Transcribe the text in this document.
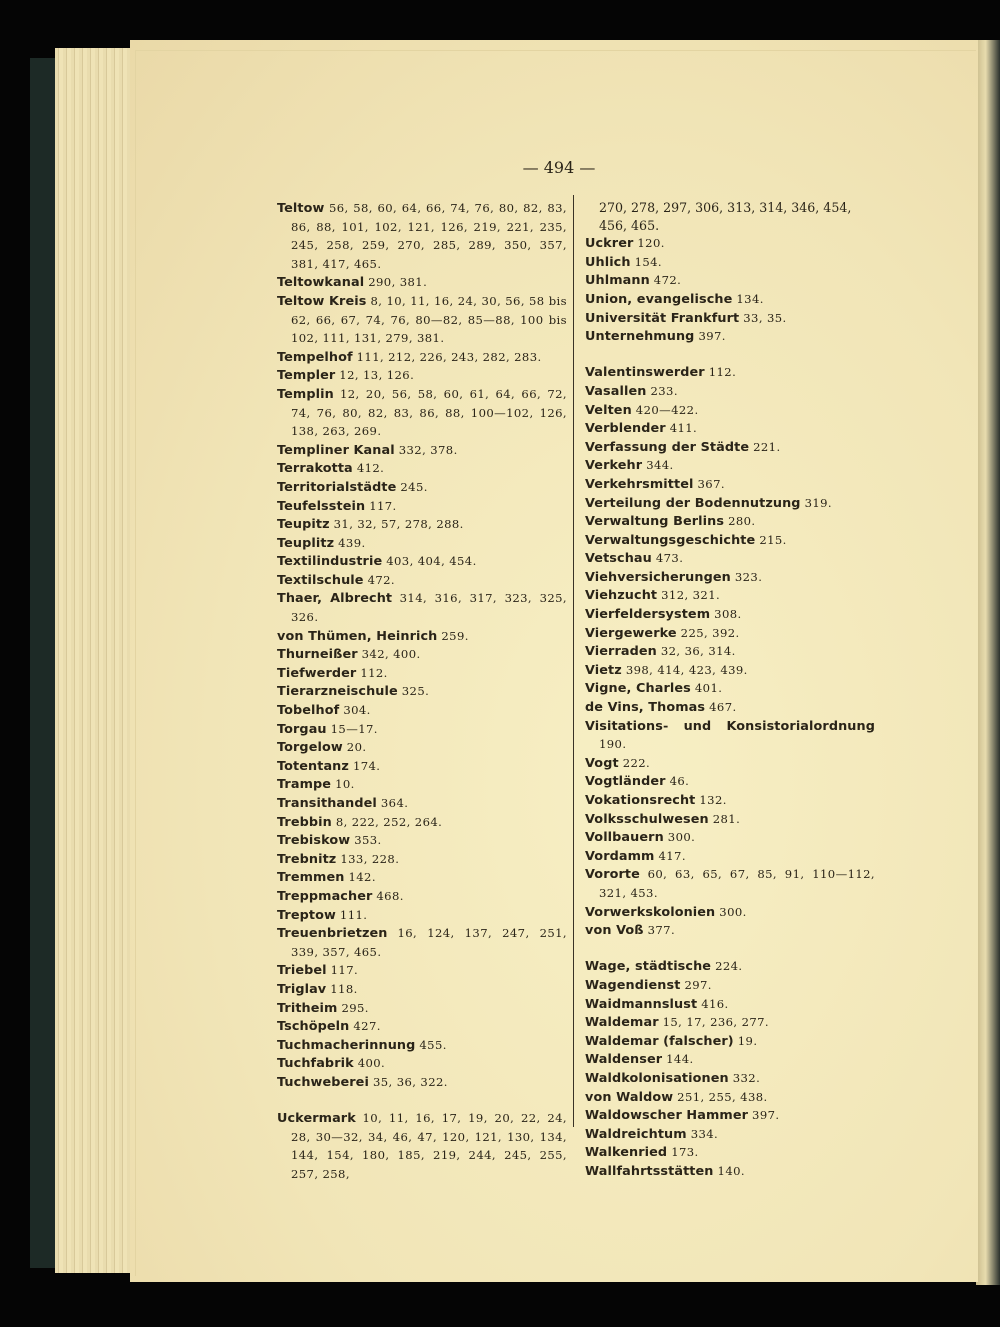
— 494 —
Teltow 56, 58, 60, 64, 66, 74, 76, 80, 82, 83, 86, 88, 101, 102, 121, 126, 219, 221, 235, 245, 258, 259, 270, 285, 289, 350, 357, 381, 417, 465.
Teltowkanal 290, 381.
Teltow Kreis 8, 10, 11, 16, 24, 30, 56, 58 bis 62, 66, 67, 74, 76, 80—82, 85—88, 100 bis 102, 111, 131, 279, 381.
Tempelhof 111, 212, 226, 243, 282, 283.
Templer 12, 13, 126.
Templin 12, 20, 56, 58, 60, 61, 64, 66, 72, 74, 76, 80, 82, 83, 86, 88, 100—102, 126, 138, 263, 269.
Templiner Kanal 332, 378.
Terrakotta 412.
Territorialstädte 245.
Teufelsstein 117.
Teupitz 31, 32, 57, 278, 288.
Teuplitz 439.
Textilindustrie 403, 404, 454.
Textilschule 472.
Thaer, Albrecht 314, 316, 317, 323, 325, 326.
von Thümen, Heinrich 259.
Thurneißer 342, 400.
Tiefwerder 112.
Tierarzneischule 325.
Tobelhof 304.
Torgau 15—17.
Torgelow 20.
Totentanz 174.
Trampe 10.
Transithandel 364.
Trebbin 8, 222, 252, 264.
Trebiskow 353.
Trebnitz 133, 228.
Tremmen 142.
Treppmacher 468.
Treptow 111.
Treuenbrietzen 16, 124, 137, 247, 251, 339, 357, 465.
Triebel 117.
Triglav 118.
Tritheim 295.
Tschöpeln 427.
Tuchmacherinnung 455.
Tuchfabrik 400.
Tuchweberei 35, 36, 322.
Uckermark 10, 11, 16, 17, 19, 20, 22, 24, 28, 30—32, 34, 46, 47, 120, 121, 130, 134, 144, 154, 180, 185, 219, 244, 245, 255, 257, 258,
270, 278, 297, 306, 313, 314, 346, 454, 456, 465.
Uckrer 120.
Uhlich 154.
Uhlmann 472.
Union, evangelische 134.
Universität Frankfurt 33, 35.
Unternehmung 397.
Valentinswerder 112.
Vasallen 233.
Velten 420—422.
Verblender 411.
Verfassung der Städte 221.
Verkehr 344.
Verkehrsmittel 367.
Verteilung der Bodennutzung 319.
Verwaltung Berlins 280.
Verwaltungsgeschichte 215.
Vetschau 473.
Viehversicherungen 323.
Viehzucht 312, 321.
Vierfeldersystem 308.
Viergewerke 225, 392.
Vierraden 32, 36, 314.
Vietz 398, 414, 423, 439.
Vigne, Charles 401.
de Vins, Thomas 467.
Visitations- und Konsistorialordnung 190.
Vogt 222.
Vogtländer 46.
Vokationsrecht 132.
Volksschulwesen 281.
Vollbauern 300.
Vordamm 417.
Vororte 60, 63, 65, 67, 85, 91, 110—112, 321, 453.
Vorwerkskolonien 300.
von Voß 377.
Wage, städtische 224.
Wagendienst 297.
Waidmannslust 416.
Waldemar 15, 17, 236, 277.
Waldemar (falscher) 19.
Waldenser 144.
Waldkolonisationen 332.
von Waldow 251, 255, 438.
Waldowscher Hammer 397.
Waldreichtum 334.
Walkenried 173.
Wallfahrtsstätten 140.
